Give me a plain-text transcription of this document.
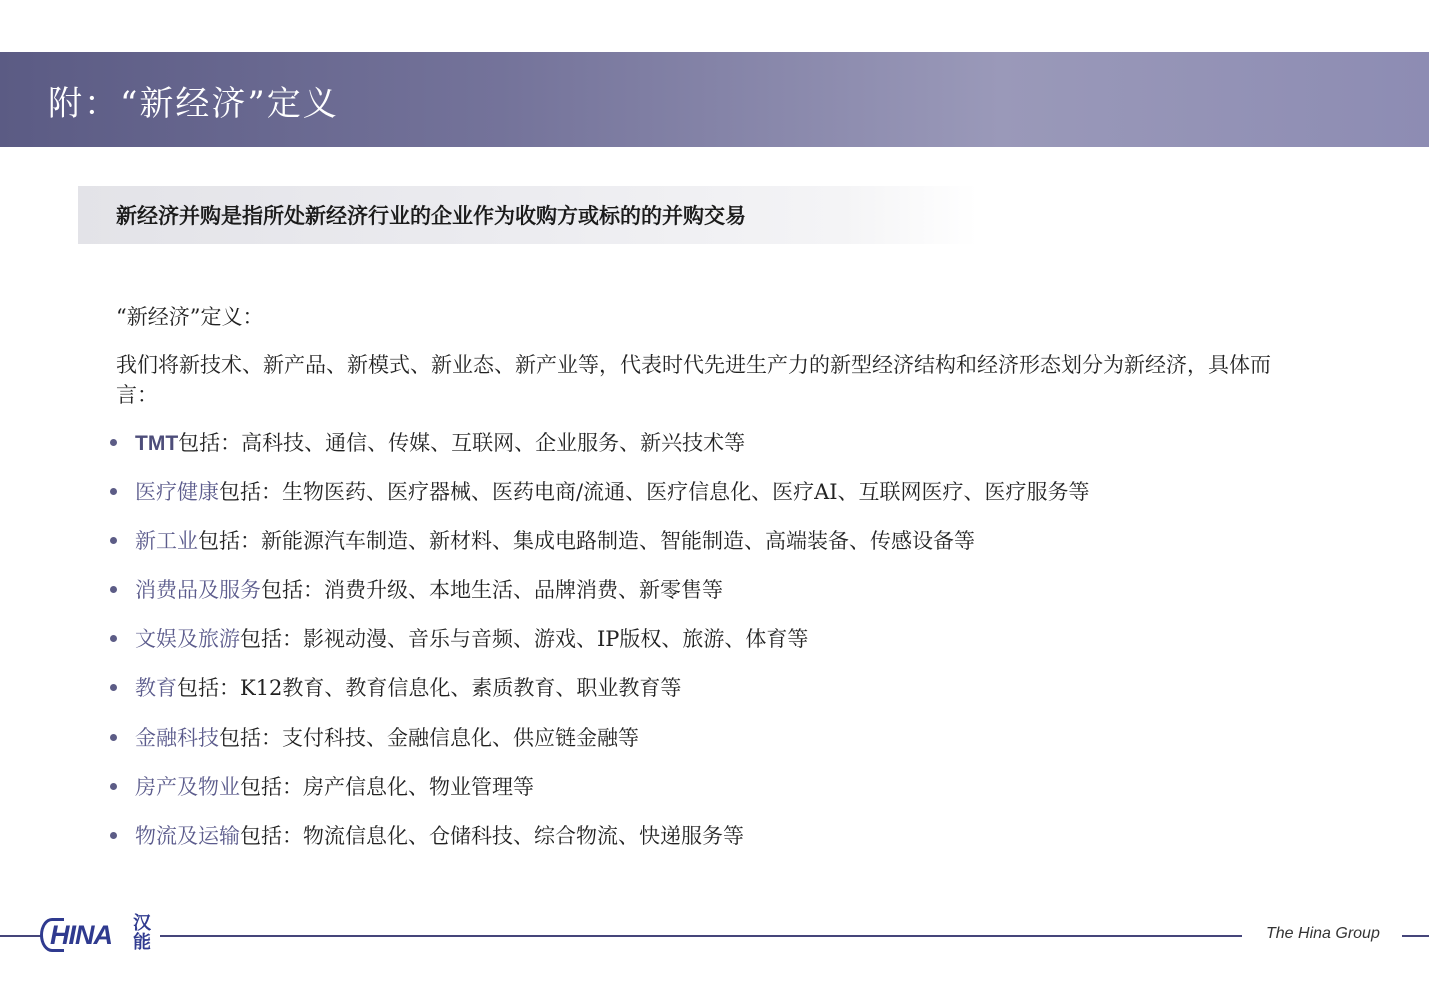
附：“新经济”定义
新经济并购是指所处新经济行业的企业作为收购方或标的的并购交易
“新经济”定义：
我们将新技术、新产品、新模式、新业态、新产业等，代表时代先进生产力的新型经济结构和经济形态划分为新经济，具体而言：
TMT包括：高科技、通信、传媒、互联网、企业服务、新兴技术等
医疗健康包括：生物医药、医疗器械、医药电商/流通、医疗信息化、医疗AI、互联网医疗、医疗服务等
新工业包括：新能源汽车制造、新材料、集成电路制造、智能制造、高端装备、传感设备等
消费品及服务包括：消费升级、本地生活、品牌消费、新零售等
文娱及旅游包括：影视动漫、音乐与音频、游戏、IP版权、旅游、体育等
教育包括：K12教育、教育信息化、素质教育、职业教育等
金融科技包括：支付科技、金融信息化、供应链金融等
房产及物业包括：房产信息化、物业管理等
物流及运输包括：物流信息化、仓储科技、综合物流、快递服务等
HINA 汉能	The Hina Group
